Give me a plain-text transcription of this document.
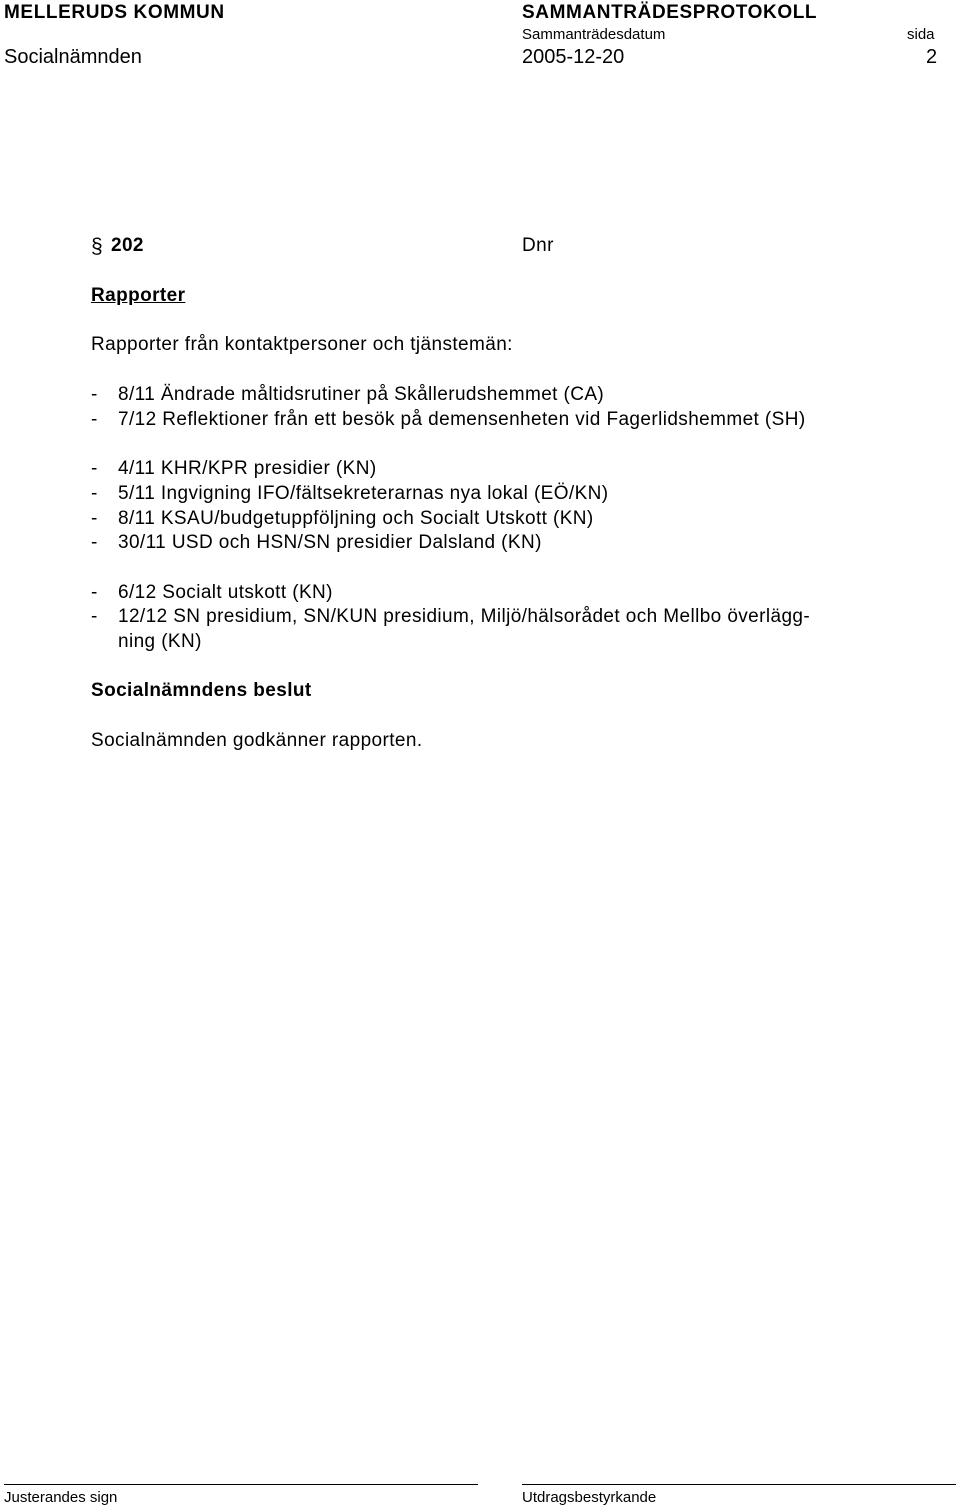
MELLERUDS KOMMUN	SAMMANTRÄDESPROTOKOLL
Sammanträdesdatum	sida
Socialnämnden	2005-12-20	2
§ 202	Dnr
Rapporter
Rapporter från kontaktpersoner och tjänstemän:
- 8/11 Ändrade måltidsrutiner på Skållerudshemmet (CA)
- 7/12 Reflektioner från ett besök på demensenheten vid Fagerlidshemmet (SH)
- 4/11 KHR/KPR presidier (KN)
- 5/11 Ingvigning IFO/fältsekreterarnas nya lokal (EÖ/KN)
- 8/11 KSAU/budgetuppföljning och Socialt Utskott (KN)
- 30/11 USD och HSN/SN presidier Dalsland (KN)
- 6/12 Socialt utskott (KN)
- 12/12 SN presidium, SN/KUN presidium, Miljö/hälsorådet och Mellbo överlägg-
ning (KN)
Socialnämndens beslut
Socialnämnden godkänner rapporten.
Justerandes sign	Utdragsbestyrkande
